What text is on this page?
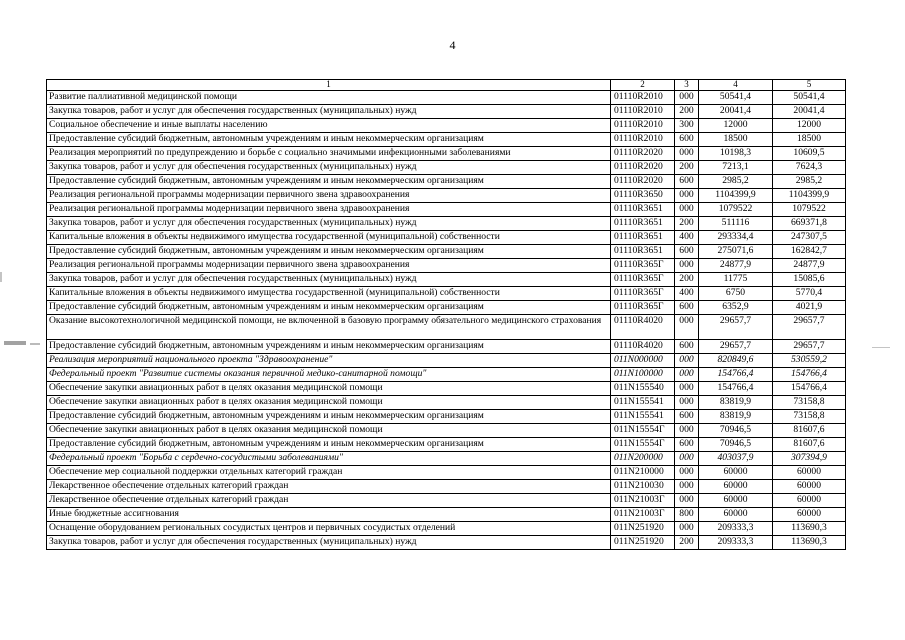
4
1	2	3	4	5
Развитие паллиативной медицинской помощи	01110R2010	000	50541,4	50541,4
Закупка товаров, работ и услуг для обеспечения государственных (муниципальных) нужд	01110R2010	200	20041,4	20041,4
Социальное обеспечение и иные выплаты населению	01110R2010	300	12000	12000
Предоставление субсидий бюджетным, автономным учреждениям и иным некоммерческим организациям	01110R2010	600	18500	18500
Реализация мероприятий по предупреждению и борьбе с социально значимыми инфекционными заболеваниями	01110R2020	000	10198,3	10609,5
Закупка товаров, работ и услуг для обеспечения государственных (муниципальных) нужд	01110R2020	200	7213,1	7624,3
Предоставление субсидий бюджетным, автономным учреждениям и иным некоммерческим организациям	01110R2020	600	2985,2	2985,2
Реализация региональной программы модернизации первичного звена здравоохранения	01110R3650	000	1104399,9	1104399,9
Реализация региональной программы модернизации первичного звена здравоохранения	01110R3651	000	1079522	1079522
Закупка товаров, работ и услуг для обеспечения государственных (муниципальных) нужд	01110R3651	200	511116	669371,8
Капитальные вложения в объекты недвижимого имущества государственной (муниципальной) собственности	01110R3651	400	293334,4	247307,5
Предоставление субсидий бюджетным, автономным учреждениям и иным некоммерческим организациям	01110R3651	600	275071,6	162842,7
Реализация региональной программы модернизации первичного звена здравоохранения	01110R365Г	000	24877,9	24877,9
Закупка товаров, работ и услуг для обеспечения государственных (муниципальных) нужд	01110R365Г	200	11775	15085,6
Капитальные вложения в объекты недвижимого имущества государственной (муниципальной) собственности	01110R365Г	400	6750	5770,4
Предоставление субсидий бюджетным, автономным учреждениям и иным некоммерческим организациям	01110R365Г	600	6352,9	4021,9
Оказание высокотехнологичной медицинской помощи, не включенной в базовую программу обязательного медицинского страхования	01110R4020	000	29657,7	29657,7
Предоставление субсидий бюджетным, автономным учреждениям и иным некоммерческим организациям	01110R4020	600	29657,7	29657,7
Реализация мероприятий национального проекта "Здравоохранение"	011N000000	000	820849,6	530559,2
Федеральный проект "Развитие системы оказания первичной медико-санитарной помощи"	011N100000	000	154766,4	154766,4
Обеспечение закупки авиационных работ в целях оказания медицинской помощи	011N155540	000	154766,4	154766,4
Обеспечение закупки авиационных работ в целях оказания медицинской помощи	011N155541	000	83819,9	73158,8
Предоставление субсидий бюджетным, автономным учреждениям и иным некоммерческим организациям	011N155541	600	83819,9	73158,8
Обеспечение закупки авиационных работ в целях оказания медицинской помощи	011N15554Г	000	70946,5	81607,6
Предоставление субсидий бюджетным, автономным учреждениям и иным некоммерческим организациям	011N15554Г	600	70946,5	81607,6
Федеральный проект "Борьба с сердечно-сосудистыми заболеваниями"	011N200000	000	403037,9	307394,9
Обеспечение мер социальной поддержки отдельных категорий граждан	011N210000	000	60000	60000
Лекарственное обеспечение отдельных категорий граждан	011N210030	000	60000	60000
Лекарственное обеспечение отдельных категорий граждан	011N21003Г	000	60000	60000
Иные бюджетные ассигнования	011N21003Г	800	60000	60000
Оснащение оборудованием региональных сосудистых центров и первичных сосудистых отделений	011N251920	000	209333,3	113690,3
Закупка товаров, работ и услуг для обеспечения государственных (муниципальных) нужд	011N251920	200	209333,3	113690,3
